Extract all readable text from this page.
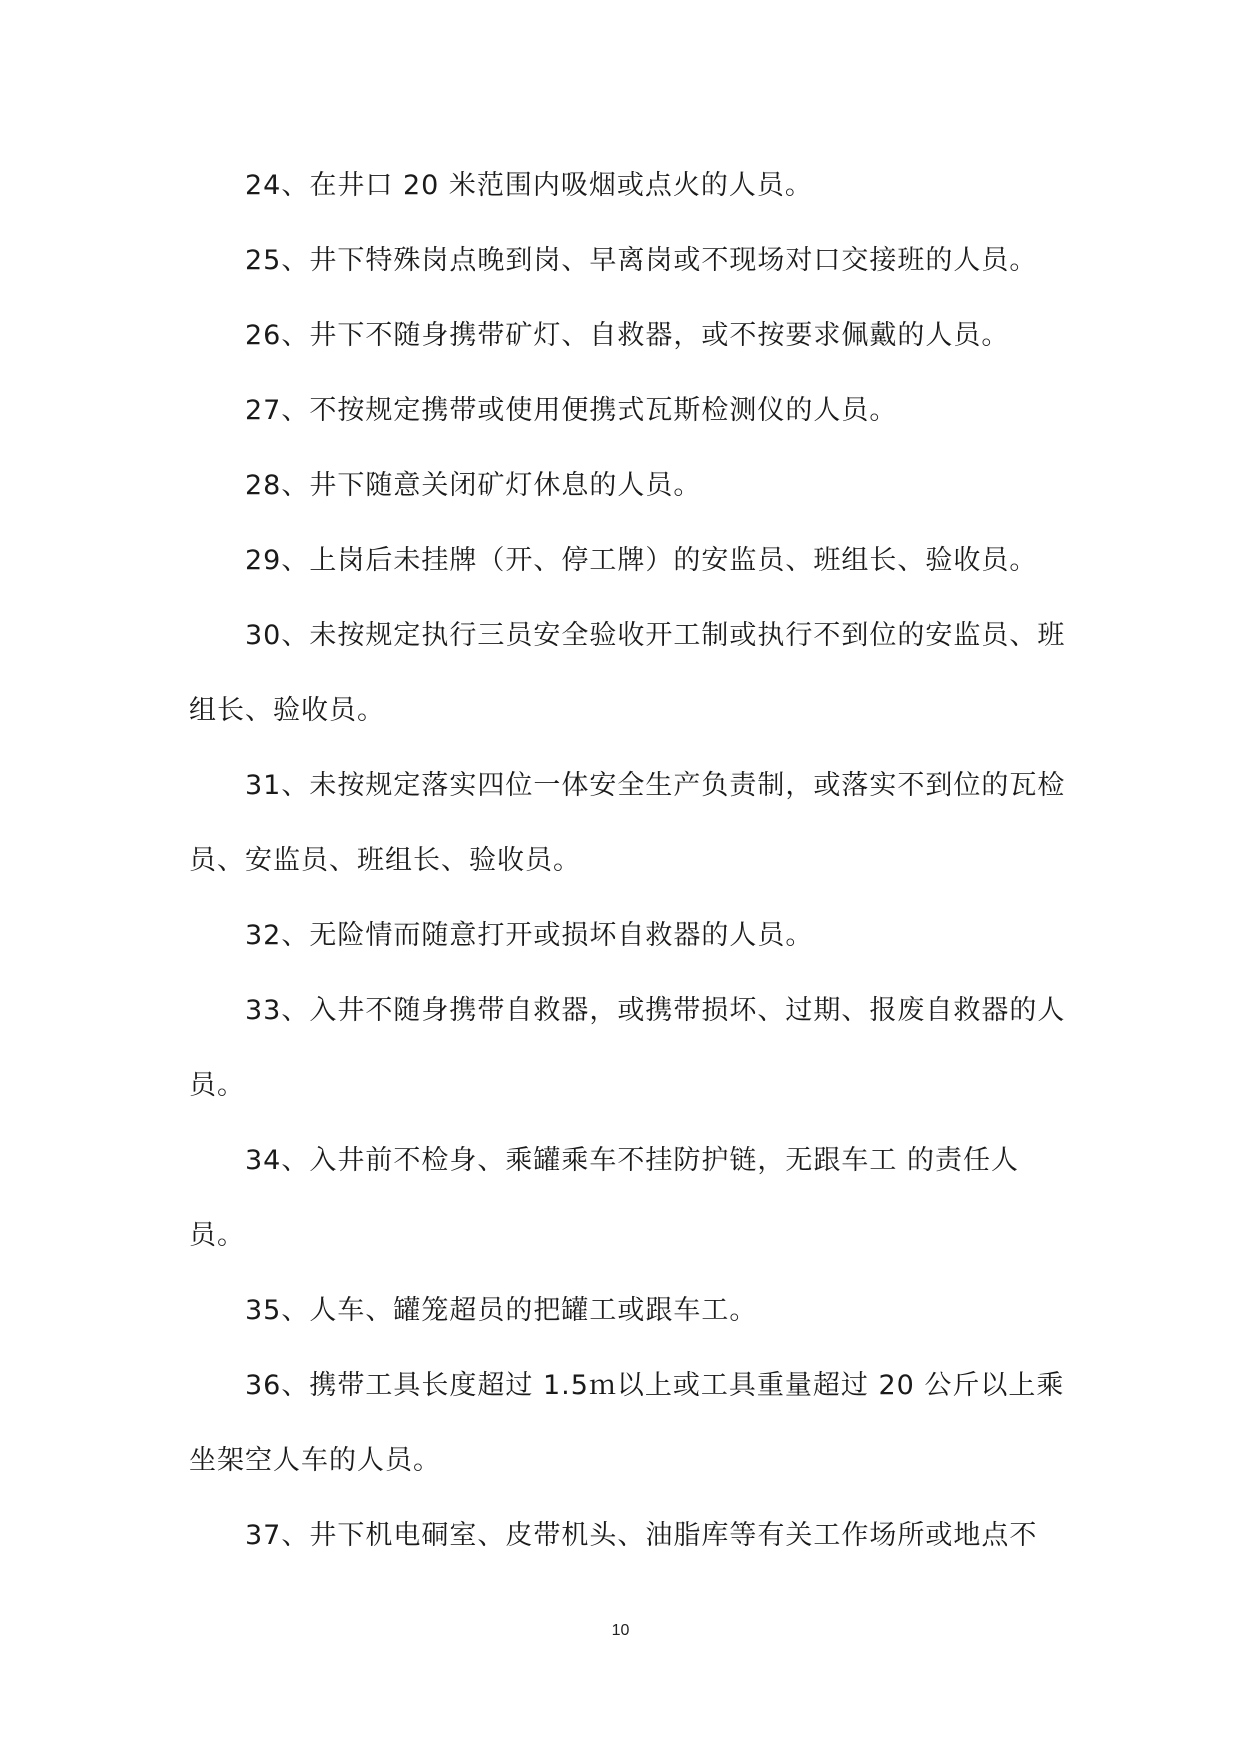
24、在井口 20 米范围内吸烟或点火的人员。

25、井下特殊岗点晚到岗、早离岗或不现场对口交接班的人员。

26、井下不随身携带矿灯、自救器，或不按要求佩戴的人员。

27、不按规定携带或使用便携式瓦斯检测仪的人员。

28、井下随意关闭矿灯休息的人员。

29、上岗后未挂牌（开、停工牌）的安监员、班组长、验收员。

30、未按规定执行三员安全验收开工制或执行不到位的安监员、班组长、验收员。

31、未按规定落实四位一体安全生产负责制，或落实不到位的瓦检员、安监员、班组长、验收员。

32、无险情而随意打开或损坏自救器的人员。

33、入井不随身携带自救器，或携带损坏、过期、报废自救器的人员。

34、入井前不检身、乘罐乘车不挂防护链，无跟车工 的责任人员。

35、人车、罐笼超员的把罐工或跟车工。

36、携带工具长度超过 1.5ｍ以上或工具重量超过 20 公斤以上乘坐架空人车的人员。

37、井下机电硐室、皮带机头、油脂库等有关工作场所或地点不

10
